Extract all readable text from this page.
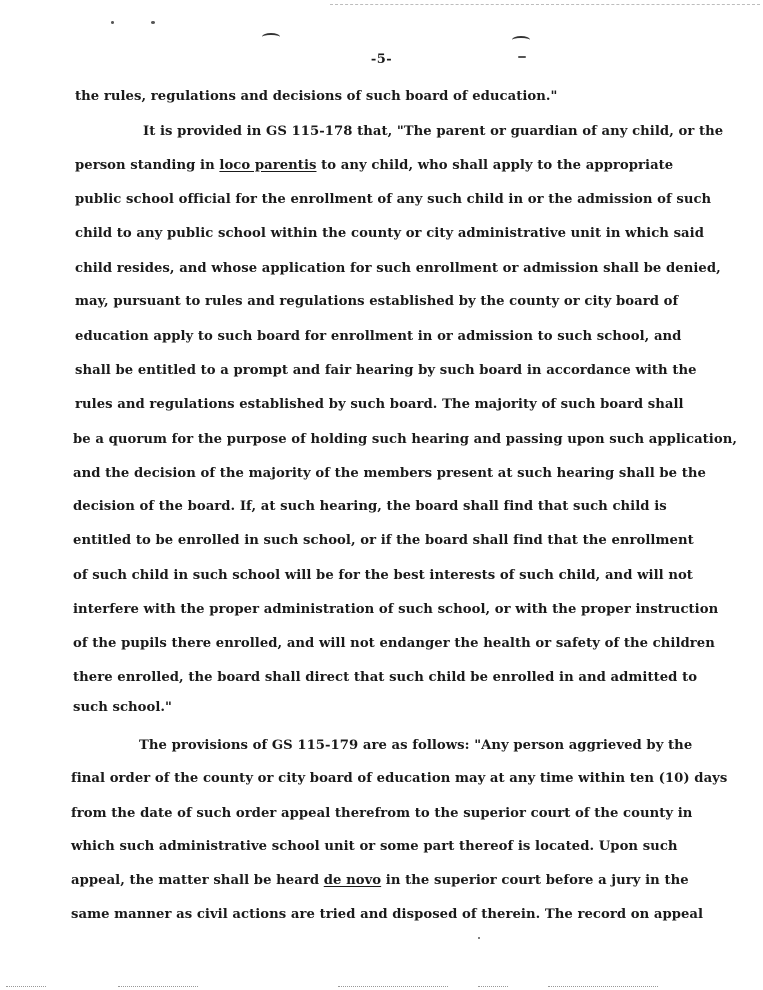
-5-
the rules, regulations and decisions of such board of education."
It is provided in GS 115-178 that, "The parent or guardian of any child, or the
person standing in loco parentis to any child, who shall apply to the appropriate
public school official for the enrollment of any such child in or the admission of such
child to any public school within the county or city administrative unit in which said
child resides, and whose application for such enrollment or admission shall be denied,
may, pursuant to rules and regulations established by the county or city board of
education apply to such board for enrollment in or admission to such school, and
shall be entitled to a prompt and fair hearing by such board in accordance with the
rules and regulations established by such board. The majority of such board shall
be a quorum for the purpose of holding such hearing and passing upon such application,
and the decision of the majority of the members present at such hearing shall be the
decision of the board. If, at such hearing, the board shall find that such child is
entitled to be enrolled in such school, or if the board shall find that the enrollment
of such child in such school will be for the best interests of such child, and will not
interfere with the proper administration of such school, or with the proper instruction
of the pupils there enrolled, and will not endanger the health or safety of the children
there enrolled, the board shall direct that such child be enrolled in and admitted to
such school."
The provisions of GS 115-179 are as follows: "Any person aggrieved by the
final order of the county or city board of education may at any time within ten (10) days
from the date of such order appeal therefrom to the superior court of the county in
which such administrative school unit or some part thereof is located. Upon such
appeal, the matter shall be heard de novo in the superior court before a jury in the
same manner as civil actions are tried and disposed of therein. The record on appeal
